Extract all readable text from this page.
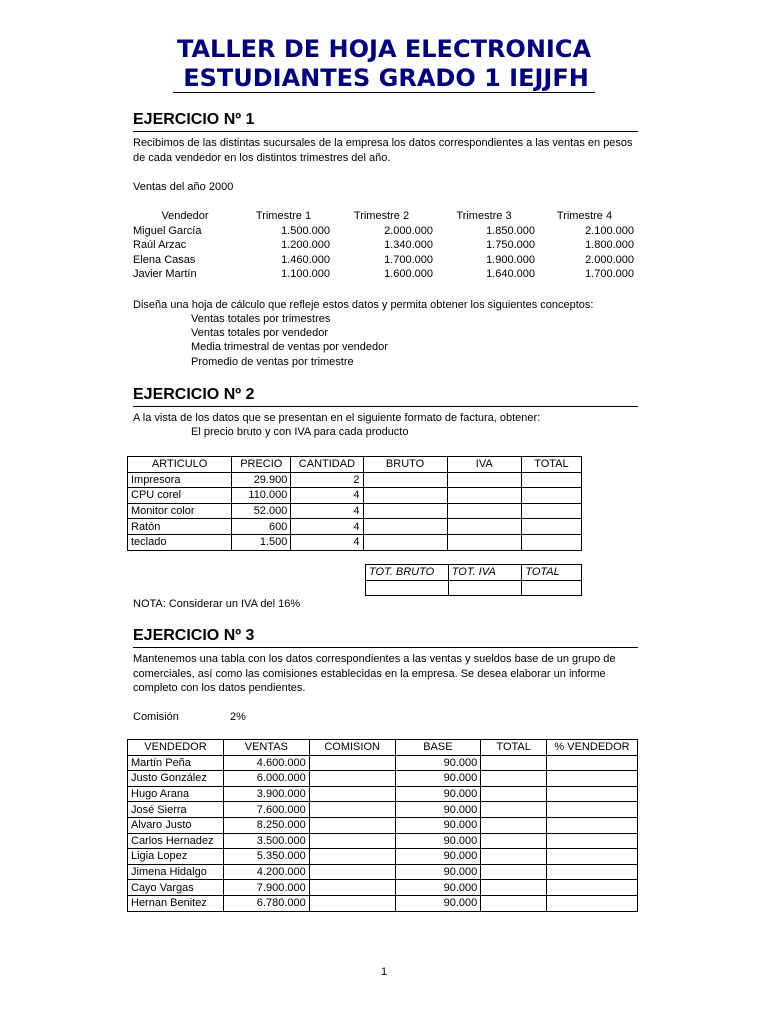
TALLER DE HOJA ELECTRONICA
ESTUDIANTES GRADO 1 IEJJFH
EJERCICIO Nº 1
Recibimos de las distintas sucursales de la empresa los datos correspondientes a las ventas en pesos de cada vendedor en los distintos trimestres del año.
Ventas del año 2000
Vendedor	Trimestre 1	Trimestre 2	Trimestre 3	Trimestre 4
Miguel García	1.500.000	2.000.000	1.850.000	2.100.000
Raúl Arzac	1.200.000	1.340.000	1.750.000	1.800.000
Elena Casas	1.460.000	1.700.000	1.900.000	2.000.000
Javier Martín	1.100.000	1.600.000	1.640.000	1.700.000
Diseña una hoja de cálculo que refleje estos datos y permita obtener los siguientes conceptos:
Ventas totales por trimestres
Ventas totales por vendedor
Media trimestral de ventas por vendedor
Promedio de ventas por trimestre
EJERCICIO Nº 2
A la vista de los datos que se presentan en el siguiente formato de factura, obtener:
El precio bruto y con IVA para cada producto
ARTICULO	PRECIO	CANTIDAD	BRUTO	IVA	TOTAL
Impresora	29.900	2			
CPU corel	110.000	4			
Monitor color	52.000	4			
Ratón	600	4			
teclado	1.500	4			
TOT. BRUTO	TOT. IVA	TOTAL

NOTA: Considerar un IVA del 16%
EJERCICIO Nº 3
Mantenemos una tabla con los datos correspondientes a las ventas y sueldos base de un grupo de comerciales, así como las comisiones establecidas en la empresa. Se desea elaborar un informe completo con los datos pendientes.
Comisión	2%
VENDEDOR	VENTAS	COMISION	BASE	TOTAL	% VENDEDOR
Martín Peña	4.600.000		90.000		
Justo González	6.000.000		90.000		
Hugo Arana	3.900.000		90.000		
José Sierra	7.600.000		90.000		
Alvaro Justo	8.250.000		90.000		
Carlos Hernadez	3.500.000		90.000		
Ligia Lopez	5.350.000		90.000		
Jimena Hidalgo	4.200.000		90.000		
Cayo Vargas	7.900.000		90.000		
Hernan Benitez	6.780.000		90.000		
1
